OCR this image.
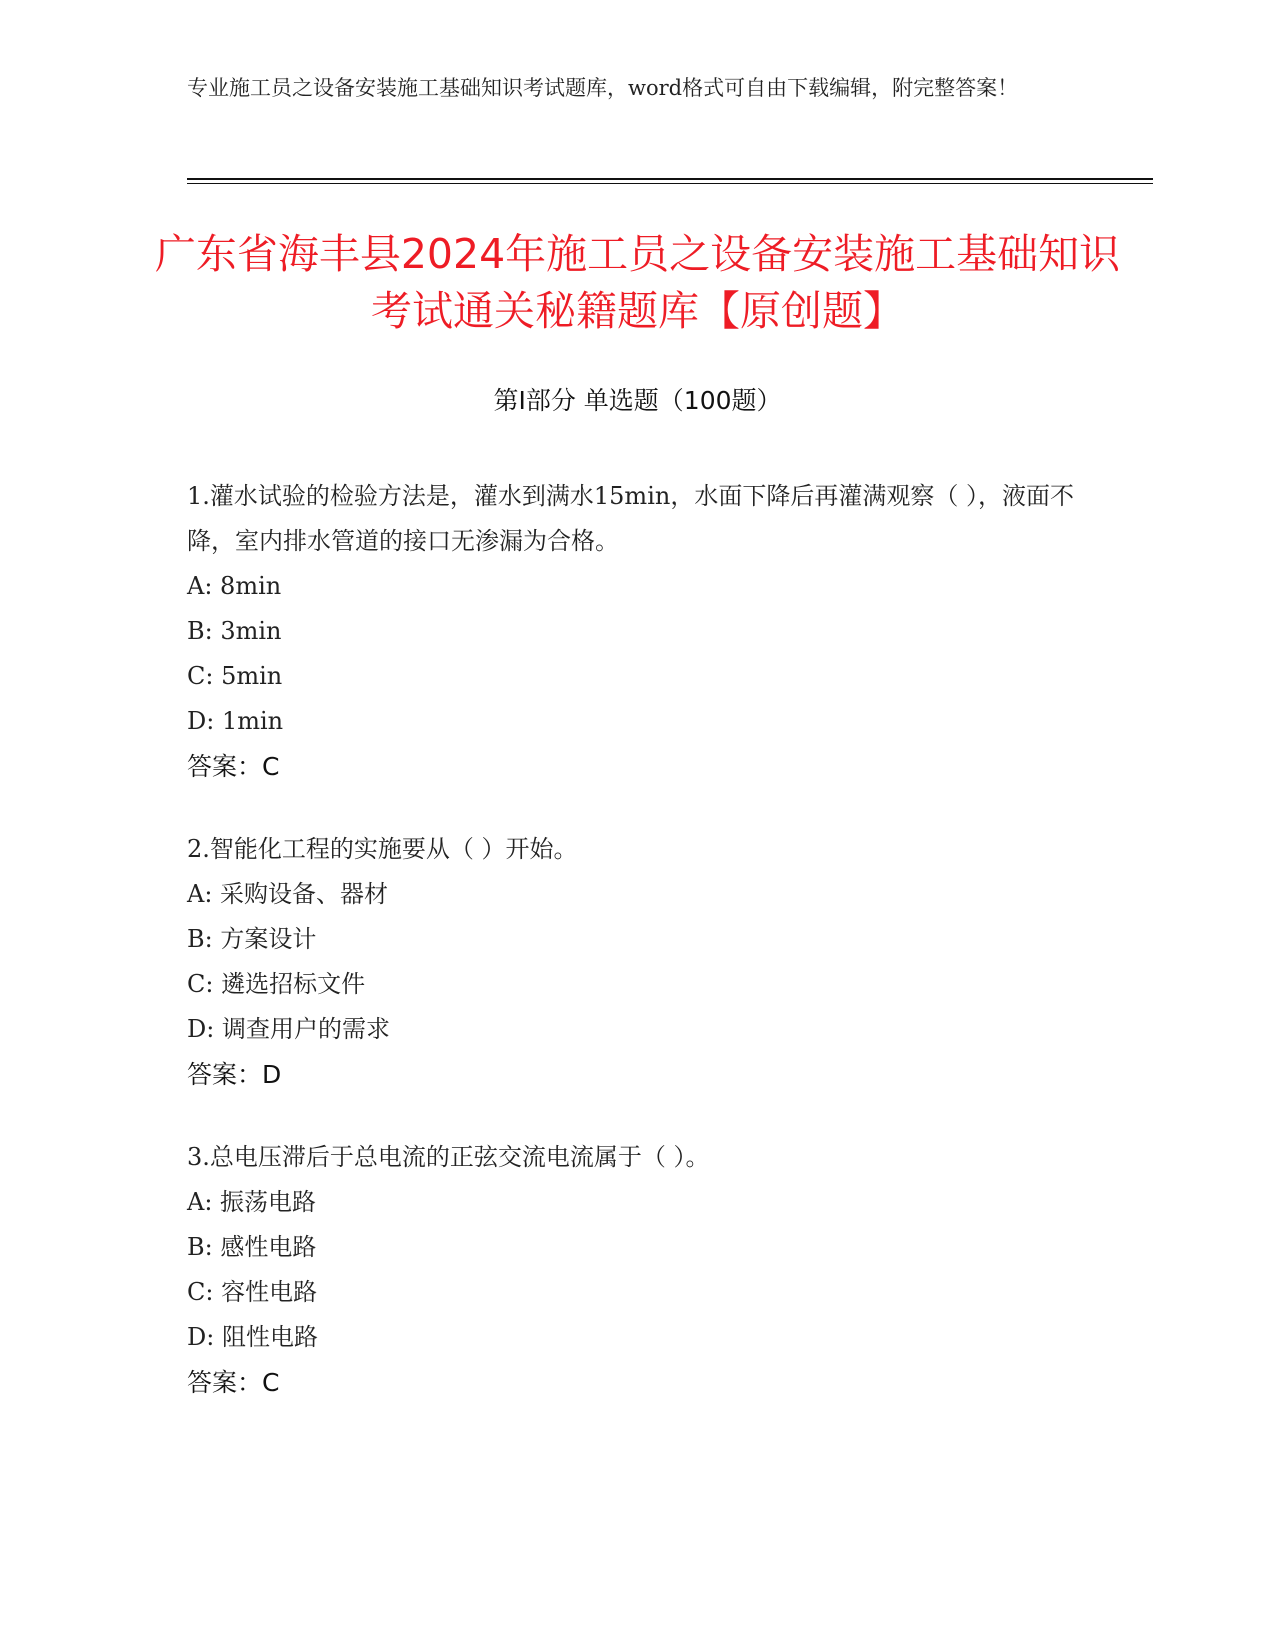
专业施工员之设备安装施工基础知识考试题库，word格式可自由下载编辑，附完整答案！
广东省海丰县2024年施工员之设备安装施工基础知识考试通关秘籍题库【原创题】
第I部分 单选题（100题）
1.灌水试验的检验方法是，灌水到满水15min，水面下降后再灌满观察（ ），液面不降，室内排水管道的接口无渗漏为合格。
A: 8min
B: 3min
C: 5min
D: 1min
答案：C
2.智能化工程的实施要从（ ）开始。
A: 采购设备、器材
B: 方案设计
C: 遴选招标文件
D: 调查用户的需求
答案：D
3.总电压滞后于总电流的正弦交流电流属于（ ）。
A: 振荡电路
B: 感性电路
C: 容性电路
D: 阻性电路
答案：C
